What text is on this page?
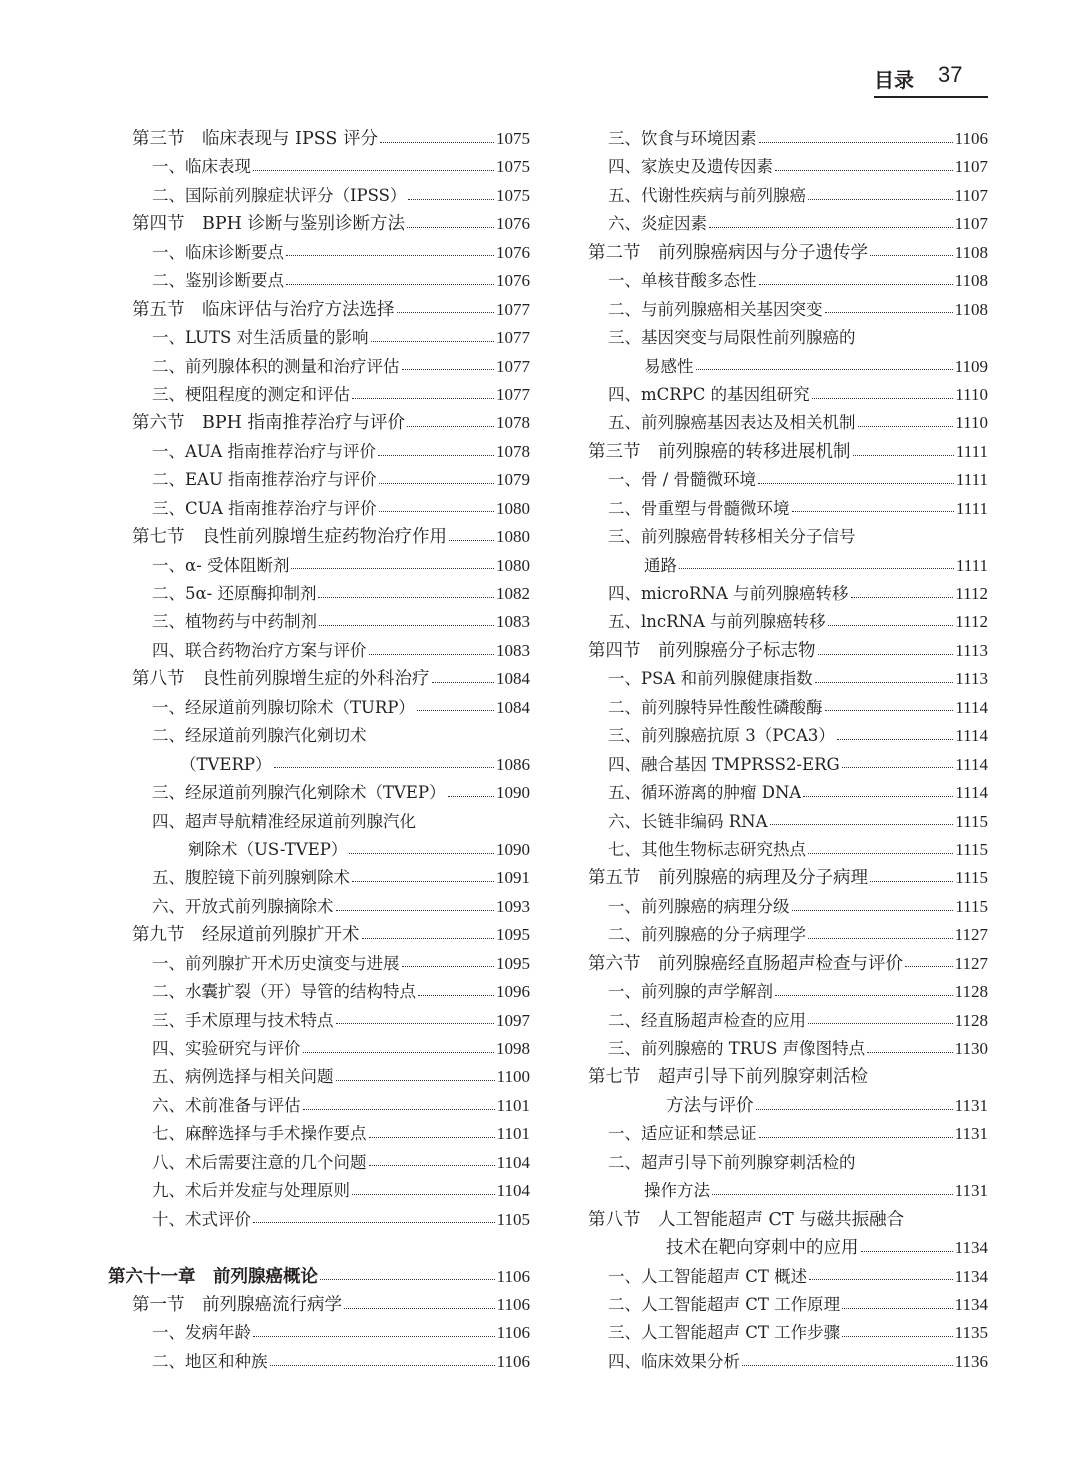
目录 37
第三节　临床表现与 IPSS 评分	1075
一、临床表现	1075
二、国际前列腺症状评分（IPSS）	1075
第四节　BPH 诊断与鉴别诊断方法	1076
一、临床诊断要点	1076
二、鉴别诊断要点	1076
第五节　临床评估与治疗方法选择	1077
一、LUTS 对生活质量的影响	1077
二、前列腺体积的测量和治疗评估	1077
三、梗阻程度的测定和评估	1077
第六节　BPH 指南推荐治疗与评价	1078
一、AUA 指南推荐治疗与评价	1078
二、EAU 指南推荐治疗与评价	1079
三、CUA 指南推荐治疗与评价	1080
第七节　良性前列腺增生症药物治疗作用	1080
一、α- 受体阻断剂	1080
二、5α- 还原酶抑制剂	1082
三、植物药与中药制剂	1083
四、联合药物治疗方案与评价	1083
第八节　良性前列腺增生症的外科治疗	1084
一、经尿道前列腺切除术（TURP）	1084
二、经尿道前列腺汽化剜切术
（TVERP）	1086
三、经尿道前列腺汽化剜除术（TVEP）	1090
四、超声导航精准经尿道前列腺汽化
剜除术（US-TVEP）	1090
五、腹腔镜下前列腺剜除术	1091
六、开放式前列腺摘除术	1093
第九节　经尿道前列腺扩开术	1095
一、前列腺扩开术历史演变与进展	1095
二、水囊扩裂（开）导管的结构特点	1096
三、手术原理与技术特点	1097
四、实验研究与评价	1098
五、病例选择与相关问题	1100
六、术前准备与评估	1101
七、麻醉选择与手术操作要点	1101
八、术后需要注意的几个问题	1104
九、术后并发症与处理原则	1104
十、术式评价	1105
第六十一章　前列腺癌概论	1106
第一节　前列腺癌流行病学	1106
一、发病年龄	1106
二、地区和种族	1106
三、饮食与环境因素	1106
四、家族史及遗传因素	1107
五、代谢性疾病与前列腺癌	1107
六、炎症因素	1107
第二节　前列腺癌病因与分子遗传学	1108
一、单核苷酸多态性	1108
二、与前列腺癌相关基因突变	1108
三、基因突变与局限性前列腺癌的
易感性	1109
四、mCRPC 的基因组研究	1110
五、前列腺癌基因表达及相关机制	1110
第三节　前列腺癌的转移进展机制	1111
一、骨 / 骨髓微环境	1111
二、骨重塑与骨髓微环境	1111
三、前列腺癌骨转移相关分子信号
通路	1111
四、microRNA 与前列腺癌转移	1112
五、lncRNA 与前列腺癌转移	1112
第四节　前列腺癌分子标志物	1113
一、PSA 和前列腺健康指数	1113
二、前列腺特异性酸性磷酸酶	1114
三、前列腺癌抗原 3（PCA3）	1114
四、融合基因 TMPRSS2-ERG	1114
五、循环游离的肿瘤 DNA	1114
六、长链非编码 RNA	1115
七、其他生物标志研究热点	1115
第五节　前列腺癌的病理及分子病理	1115
一、前列腺癌的病理分级	1115
二、前列腺癌的分子病理学	1127
第六节　前列腺癌经直肠超声检查与评价	1127
一、前列腺的声学解剖	1128
二、经直肠超声检查的应用	1128
三、前列腺癌的 TRUS 声像图特点	1130
第七节　超声引导下前列腺穿刺活检
方法与评价	1131
一、适应证和禁忌证	1131
二、超声引导下前列腺穿刺活检的
操作方法	1131
第八节　人工智能超声 CT 与磁共振融合
技术在靶向穿刺中的应用	1134
一、人工智能超声 CT 概述	1134
二、人工智能超声 CT 工作原理	1134
三、人工智能超声 CT 工作步骤	1135
四、临床效果分析	1136
